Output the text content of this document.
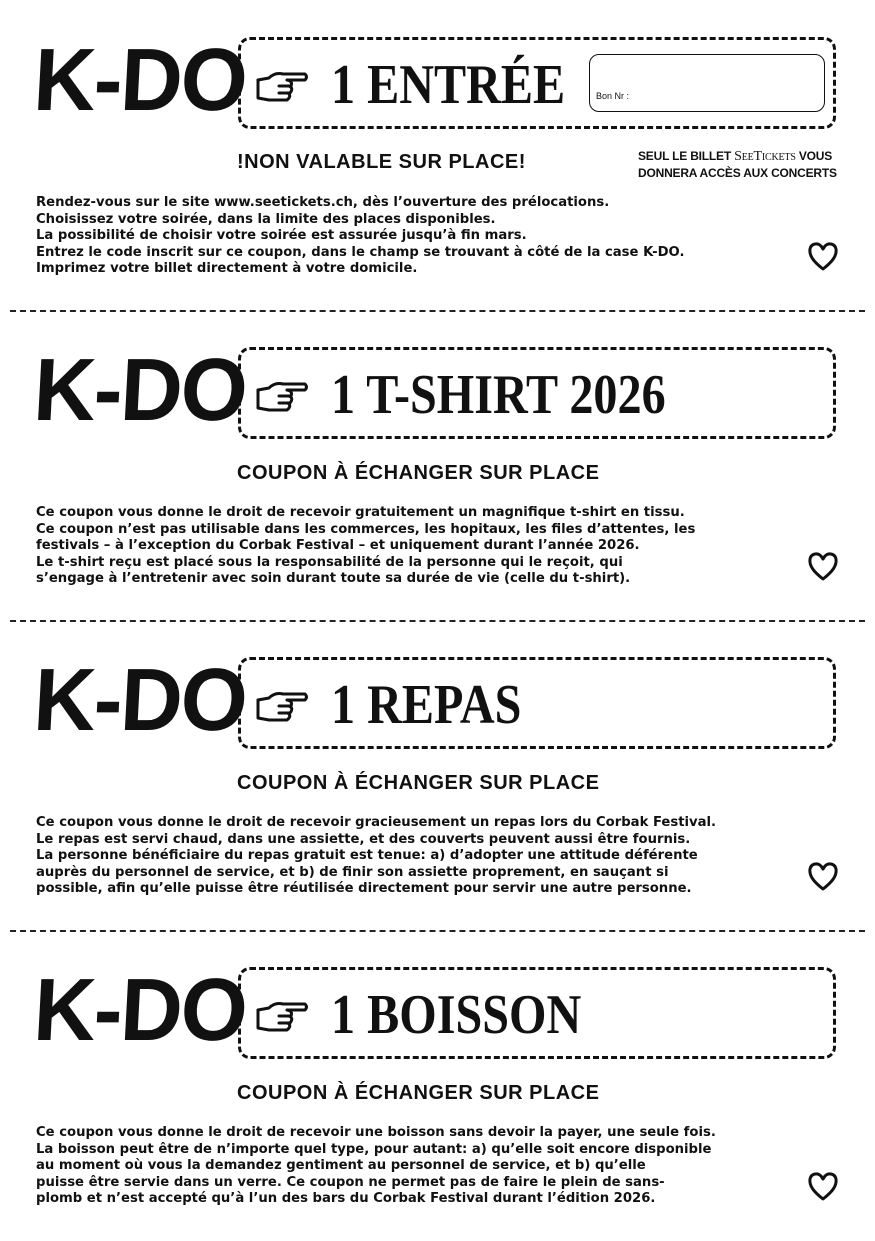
K-DO 1 ENTRÉE	Bon Nr :
!NON VALABLE SUR PLACE!	SEUL LE BILLET SeeTickets VOUS
DONNERA ACCÈS AUX CONCERTS
Rendez-vous sur le site www.seetickets.ch, dès l’ouverture des prélocations.
Choisissez votre soirée, dans la limite des places disponibles.
La possibilité de choisir votre soirée est assurée jusqu’à fin mars.
Entrez le code inscrit sur ce coupon, dans le champ se trouvant à côté de la case K-DO.
Imprimez votre billet directement à votre domicile.
K-DO 1 T-SHIRT 2026
COUPON À ÉCHANGER SUR PLACE
Ce coupon vous donne le droit de recevoir gratuitement un magnifique t-shirt en tissu.
Ce coupon n’est pas utilisable dans les commerces, les hopitaux, les files d’attentes, les
festivals – à l’exception du Corbak Festival – et uniquement durant l’année 2026.
Le t-shirt reçu est placé sous la responsabilité de la personne qui le reçoit, qui
s’engage à l’entretenir avec soin durant toute sa durée de vie (celle du t-shirt).
K-DO 1 REPAS
COUPON À ÉCHANGER SUR PLACE
Ce coupon vous donne le droit de recevoir gracieusement un repas lors du Corbak Festival.
Le repas est servi chaud, dans une assiette, et des couverts peuvent aussi être fournis.
La personne bénéficiaire du repas gratuit est tenue: a) d’adopter une attitude déférente
auprès du personnel de service, et b) de finir son assiette proprement, en sauçant si
possible, afin qu’elle puisse être réutilisée directement pour servir une autre personne.
K-DO 1 BOISSON
COUPON À ÉCHANGER SUR PLACE
Ce coupon vous donne le droit de recevoir une boisson sans devoir la payer, une seule fois.
La boisson peut être de n’importe quel type, pour autant: a) qu’elle soit encore disponible
au moment où vous la demandez gentiment au personnel de service, et b) qu’elle
puisse être servie dans un verre. Ce coupon ne permet pas de faire le plein de sans-
plomb et n’est accepté qu’à l’un des bars du Corbak Festival durant l’édition 2026.
